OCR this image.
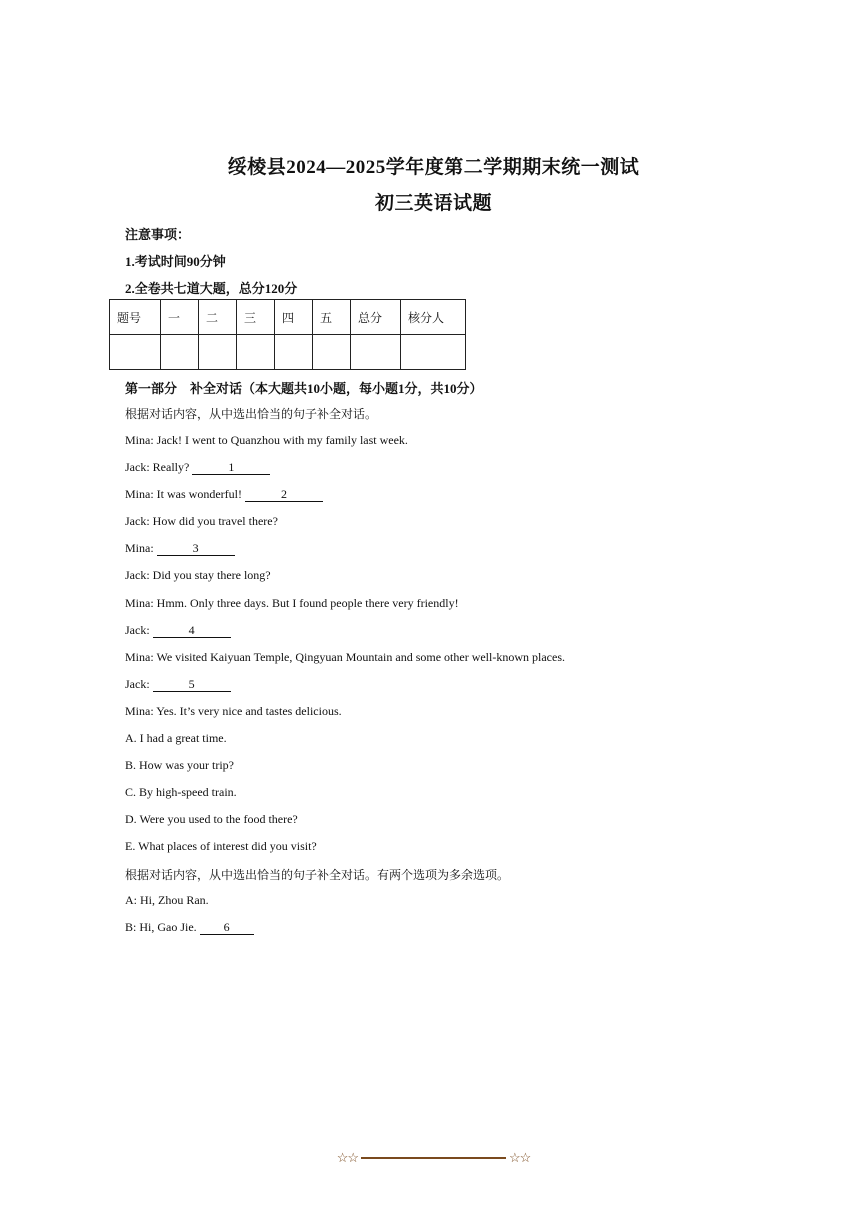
绥棱县2024—2025学年度第二学期期末统一测试
初三英语试题
注意事项：
1.考试时间90分钟
2.全卷共七道大题，总分120分
题号	一	二	三	四	五	总分	核分人

第一部分　补全对话（本大题共10小题，每小题1分，共10分）
根据对话内容，从中选出恰当的句子补全对话。
Mina: Jack! I went to Quanzhou with my family last week.
Jack: Really?	1
Mina: It was wonderful!	2
Jack: How did you travel there?
Mina:	3
Jack: Did you stay there long?
Mina: Hmm. Only three days. But I found people there very friendly!
Jack:	4
Mina: We visited Kaiyuan Temple, Qingyuan Mountain and some other well-known places.
Jack:	5
Mina: Yes. It’s very nice and tastes delicious.
A. I had a great time.
B. How was your trip?
C. By high-speed train.
D. Were you used to the food there?
E. What places of interest did you visit?
根据对话内容，从中选出恰当的句子补全对话。有两个选项为多余选项。
A: Hi, Zhou Ran.
B: Hi, Gao Jie. 6
☆☆	☆☆
